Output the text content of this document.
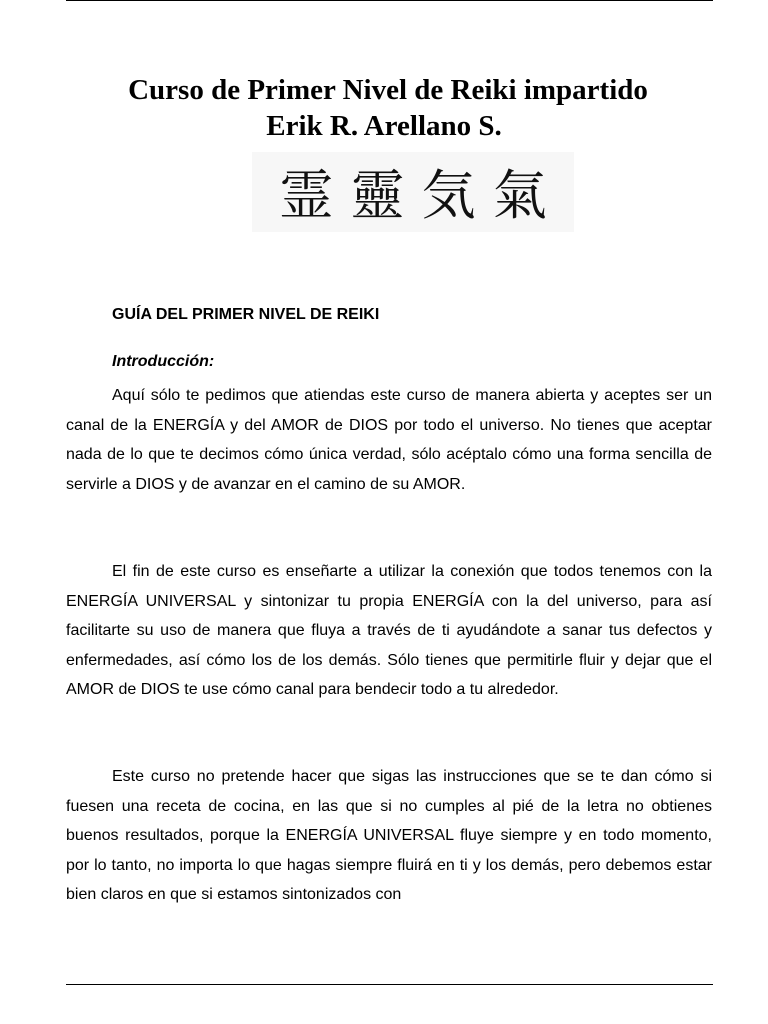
Curso de Primer Nivel de Reiki impartido
Erik R. Arellano S.
霊 靈 気 氣
GUÍA DEL PRIMER NIVEL DE REIKI
Introducción:

Aquí sólo te pedimos que atiendas este curso de manera abierta y aceptes ser un canal de la ENERGÍA y del AMOR de DIOS por todo el universo. No tienes que aceptar nada de lo que te decimos cómo única verdad, sólo acéptalo cómo una forma sencilla de servirle a DIOS y de avanzar en el camino de su AMOR.

El fin de este curso es enseñarte a utilizar la conexión que todos tenemos con la ENERGÍA UNIVERSAL y sintonizar tu propia ENERGÍA con la del universo, para así facilitarte su uso de manera que fluya a través de ti ayudándote a sanar tus defectos y enfermedades, así cómo los de los demás. Sólo tienes que permitirle fluir y dejar que el AMOR de DIOS te use cómo canal para bendecir todo a tu alrededor.

Este curso no pretende hacer que sigas las instrucciones que se te dan cómo si fuesen una receta de cocina, en las que si no cumples al pié de la letra no obtienes buenos resultados, porque la ENERGÍA UNIVERSAL fluye siempre y en todo momento, por lo tanto, no importa lo que hagas siempre fluirá en ti y los demás, pero debemos estar bien claros en que si estamos sintonizados con
